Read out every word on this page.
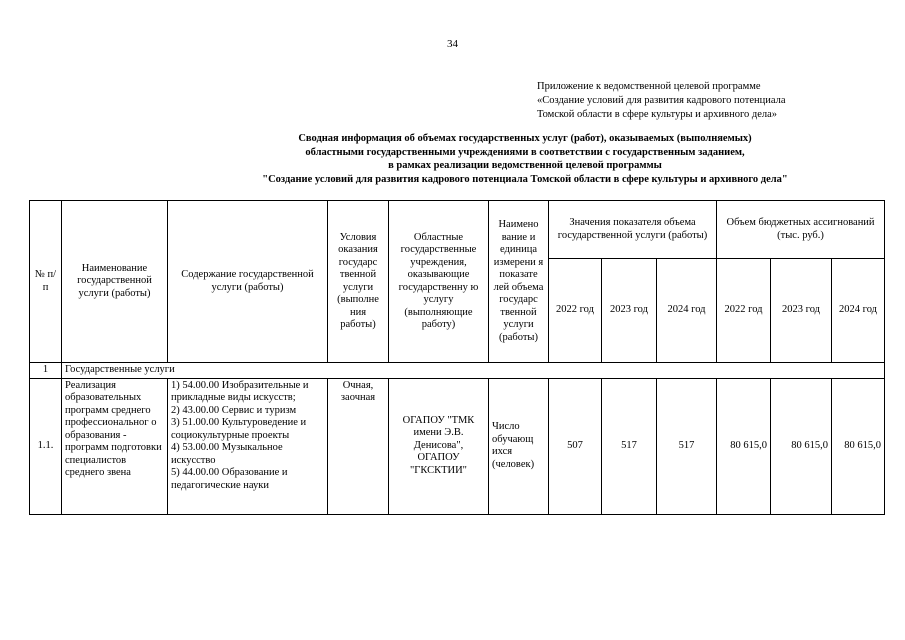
34
Приложение к ведомственной целевой программе
«Создание условий для развития кадрового потенциала
Томской области в сфере культуры и архивного дела»
Сводная информация об объемах государственных услуг (работ), оказываемых (выполняемых)
областными государственными учреждениями в соответствии с государственным заданием,
в рамках реализации ведомственной целевой программы
"Создание условий для развития кадрового потенциала Томской области в сфере культуры и архивного дела"
№ п/п	Наименование государственной услуги (работы)	Содержание государственной услуги (работы)	Условия оказания государс твенной услуги (выполне ния работы)	Областные государственные учреждения, оказывающие государственну ю услугу (выполняющие работу)	Наимено вание и единица измерени я показате лей объема государс твенной услуги (работы)	Значения показателя объема государственной услуги (работы)			Объем бюджетных ассигнований (тыс. руб.)		
						2022 год	2023 год	2024 год	2022 год	2023 год	2024 год
1	Государственные услуги										
1.1.	Реализация образовательных программ среднего профессиональног о образования - программ подготовки специалистов среднего звена	1) 54.00.00 Изобразительные и прикладные виды искусств;
2) 43.00.00 Сервис и туризм
3) 51.00.00 Культуроведение и социокультурные проекты
4) 53.00.00 Музыкальное искусство
5) 44.00.00 Образование и педагогические науки	Очная, заочная	ОГАПОУ "ТМК имени Э.В. Денисова", ОГАПОУ "ГКСКТИИ"	Число обучающ ихся (человек)	507	517	517	80 615,0	80 615,0	80 615,0
